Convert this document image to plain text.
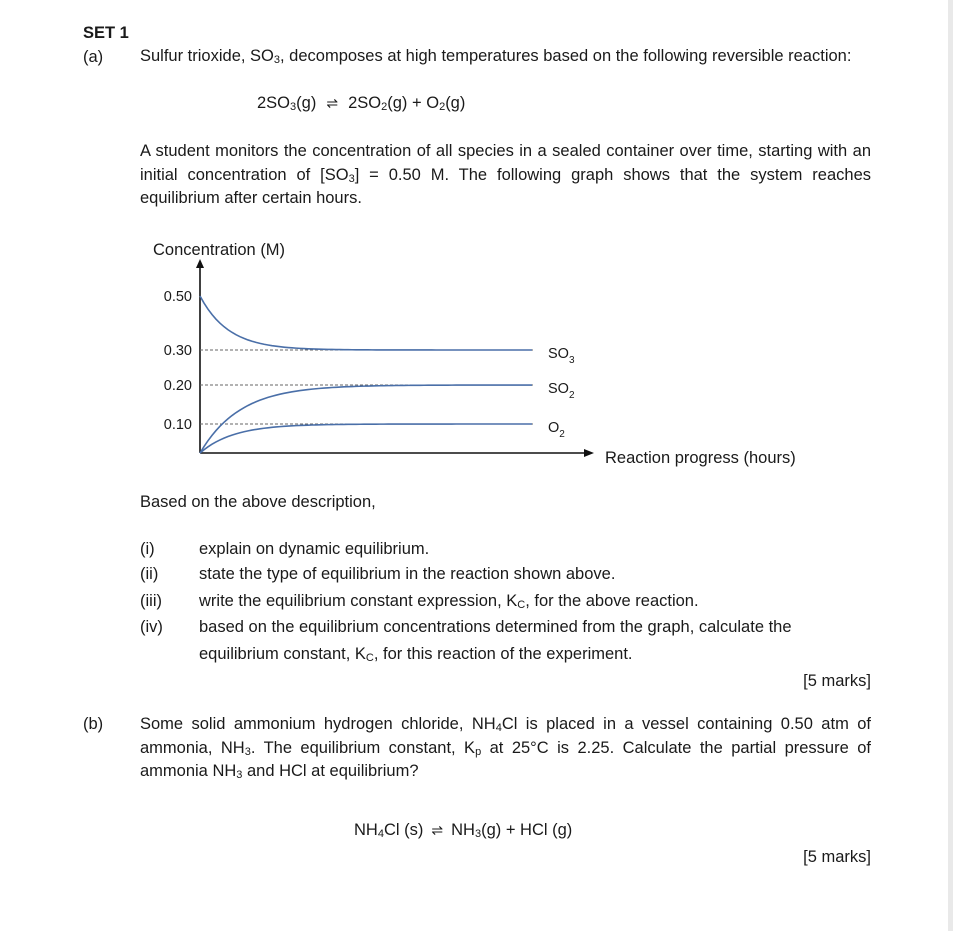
SET 1
(a) Sulfur trioxide, $SO_3$, decomposes at high temperatures based on the following reversible reaction:
$2SO_3(g)$ ⇌ $2SO_2(g) + O_2(g)$
A student monitors the concentration of all species in a sealed container over time, starting with an initial concentration of $[SO_3] = 0.50$ M. The following graph shows that the system reaches equilibrium after certain hours.
Concentration (M)
Reaction progress (hours)
0.50
0.30
0.20
0.10
$SO_3$
$SO_2$
$O_2$
Based on the above description,
(i)	explain on dynamic equilibrium.
(ii) state the type of equilibrium in the reaction shown above.
(iii) write the equilibrium constant expression, $K_C$, for the above reaction.
(iv) based on the equilibrium concentrations determined from the graph, calculate the
equilibrium constant, $K_C$, for this reaction of the experiment.
[5 marks]
(b) Some solid ammonium hydrogen chloride, $NH_4Cl$ is placed in a vessel containing 0.50 atm of ammonia, $NH_3$. The equilibrium constant, $K_p$ at 25°C is 2.25. Calculate the partial pressure of ammonia $NH_3$ and HCl at equilibrium?
$NH_4Cl$ (s) ⇌ $NH_3(g)$ + HCl (g)
[5 marks]
